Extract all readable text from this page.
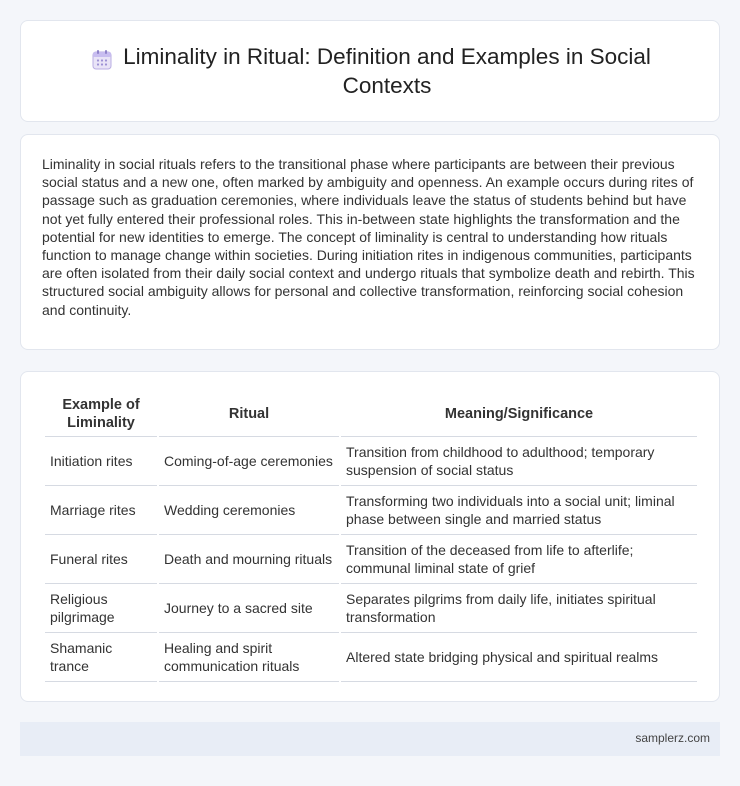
Liminality in Ritual: Definition and Examples in Social Contexts

Liminality in social rituals refers to the transitional phase where participants are between their previous social status and a new one, often marked by ambiguity and openness. An example occurs during rites of passage such as graduation ceremonies, where individuals leave the status of students behind but have not yet fully entered their professional roles. This in-between state highlights the transformation and the potential for new identities to emerge. The concept of liminality is central to understanding how rituals function to manage change within societies. During initiation rites in indigenous communities, participants are often isolated from their daily social context and undergo rituals that symbolize death and rebirth. This structured social ambiguity allows for personal and collective transformation, reinforcing social cohesion and continuity.

Example of Liminality	Ritual	Meaning/Significance
Initiation rites	Coming-of-age ceremonies	Transition from childhood to adulthood; temporary suspension of social status
Marriage rites	Wedding ceremonies	Transforming two individuals into a social unit; liminal phase between single and married status
Funeral rites	Death and mourning rituals	Transition of the deceased from life to afterlife; communal liminal state of grief
Religious pilgrimage	Journey to a sacred site	Separates pilgrims from daily life, initiates spiritual transformation
Shamanic trance	Healing and spirit communication rituals	Altered state bridging physical and spiritual realms
samplerz.com
